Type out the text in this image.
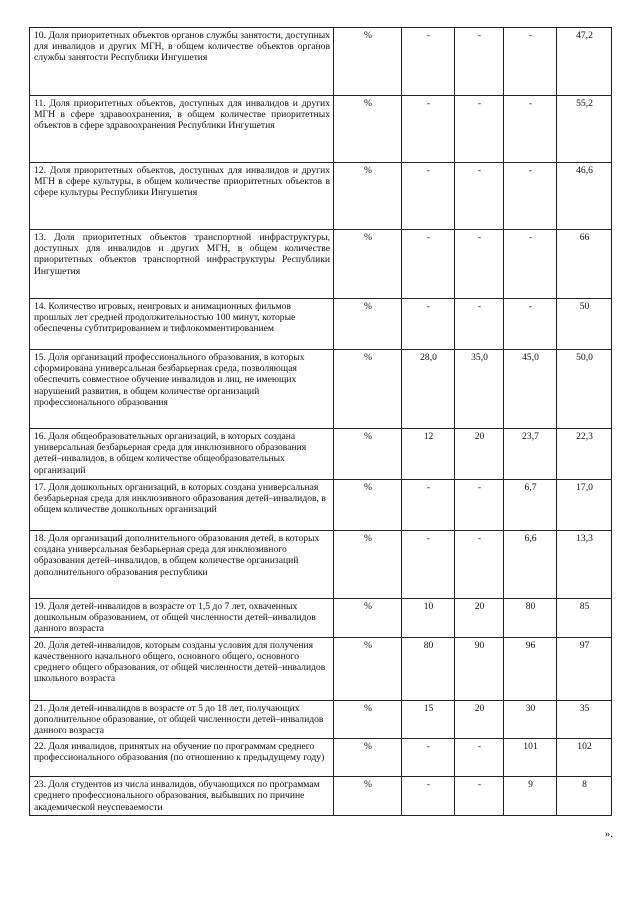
10. Доля приоритетных объектов органов службы занятости, доступных для инвалидов и других МГН, в общем количестве объектов органов службы занятости Республики Ингушетия	%	-	-	-	47,2
11. Доля приоритетных объектов, доступных для инвалидов и других МГН в сфере здравоохранения, в общем количестве приоритетных объектов в сфере здравоохранения Республики Ингушетия	%	-	-	-	55,2
12. Доля приоритетных объектов, доступных для инвалидов и других МГН в сфере культуры, в общем количестве приоритетных объектов в сфере культуры Республики Ингушетия	%	-	-	-	46,6
13. Доля приоритетных объектов транспортной инфраструктуры, доступных для инвалидов и других МГН, в общем количестве приоритетных объектов транспортной инфраструктуры Республики Ингушетия	%	-	-	-	66
14. Количество игровых, неигровых и анимационных фильмов прошлых лет средней продолжительностью 100 минут, которые обеспечены субтитрированием и тифлокомментированием	%	-	-	-	50
15. Доля организаций профессионального образования, в которых сформирована универсальная безбарьерная среда, позволяющая обеспечить совместное обучение инвалидов и лиц, не имеющих нарушений развития, в общем количестве организаций профессионального образования	%	28,0	35,0	45,0	50,0
16. Доля общеобразовательных организаций, в которых создана универсальная безбарьерная среда для инклюзивного образования детей–инвалидов, в общем количестве общеобразовательных организаций	%	12	20	23,7	22,3
17. Доля дошкольных организаций, в которых создана универсальная безбарьерная среда для инклюзивного образования детей–инвалидов, в общем количестве дошкольных организаций	%	-	-	6,7	17,0
18. Доля организаций дополнительного образования детей, в которых создана универсальная безбарьерная среда для инклюзивного образования детей–инвалидов, в общем количестве организаций дополнительного образования республики	%	-	-	6,6	13,3
19. Доля детей-инвалидов в возрасте от 1,5 до 7 лет, охваченных дошкольным образованием, от общей численности детей–инвалидов данного возраста	%	10	20	80	85
20. Доля детей-инвалидов, которым созданы условия для получения качественного начального общего, основного общего, основного среднего общего образования, от общей численности детей–инвалидов школьного возраста	%	80	90	96	97
21. Доля детей-инвалидов в возрасте от 5 до 18 лет, получающих дополнительное образование, от общей численности детей–инвалидов данного возраста	%	15	20	30	35
22. Доля инвалидов, принятых на обучение по программам среднего профессионального образования (по отношению к предыдущему году)	%	-	-	101	102
23. Доля студентов из числа инвалидов, обучающихся по программам среднего профессионального образования, выбывших по причине академической неуспеваемости	%	-	-	9	8
».
